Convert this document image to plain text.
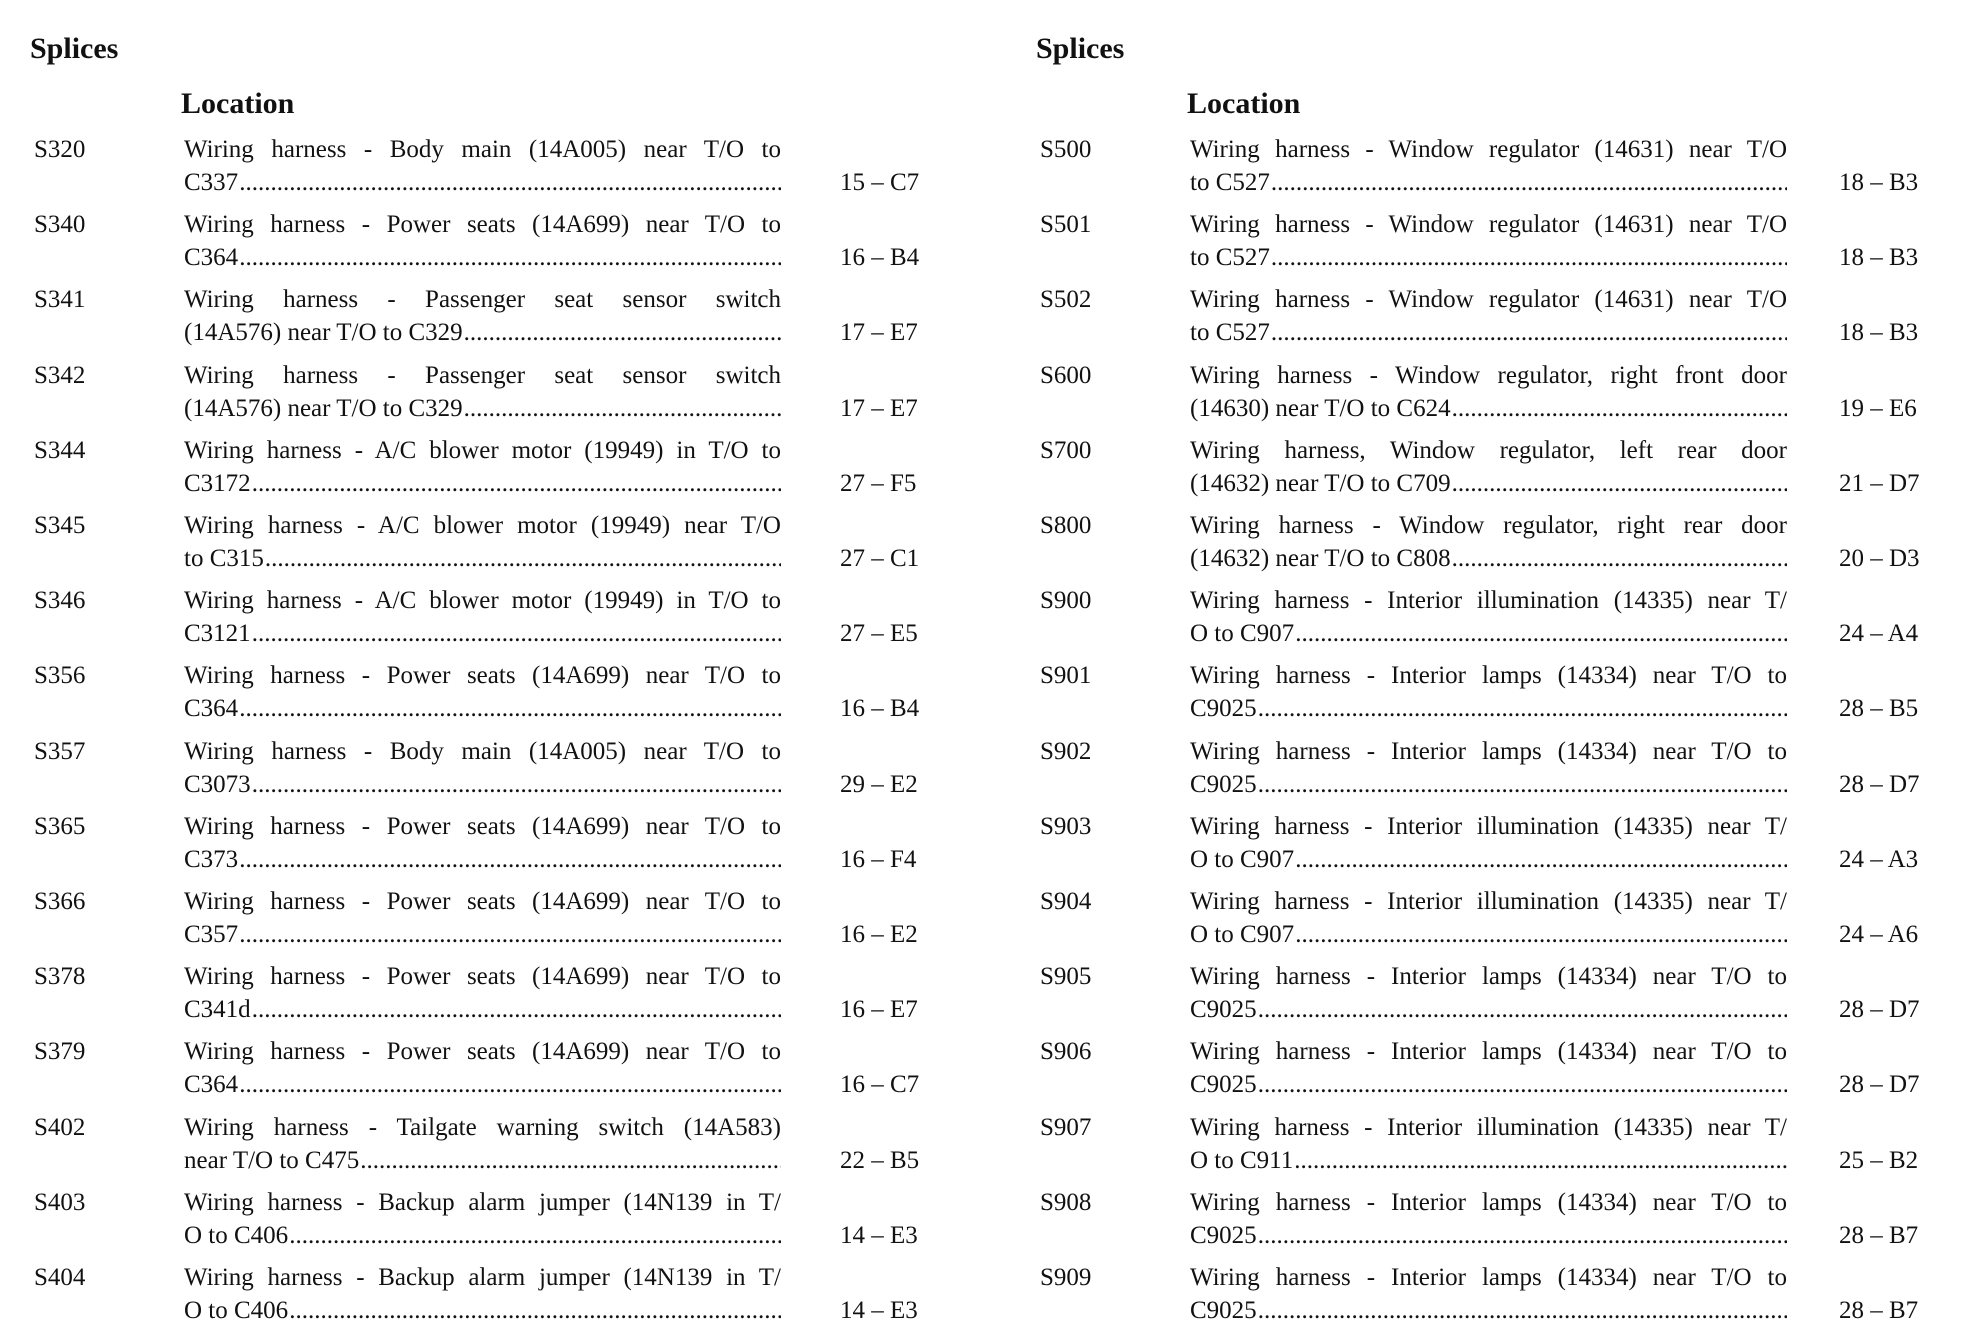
Splices
Location
S320	Wiring harness - Body main (14A005) near T/O to
C337 .....	15 – C7
S340	Wiring harness - Power seats (14A699) near T/O to
C364 .....	16 – B4
S341	Wiring harness - Passenger seat sensor switch
(14A576) near T/O to C329 .....	17 – E7
S342	Wiring harness - Passenger seat sensor switch
(14A576) near T/O to C329 .....	17 – E7
S344	Wiring harness - A/C blower motor (19949) in T/O to
C3172 .....	27 – F5
S345	Wiring harness - A/C blower motor (19949) near T/O
to C315 .....	27 – C1
S346	Wiring harness - A/C blower motor (19949) in T/O to
C3121 .....	27 – E5
S356	Wiring harness - Power seats (14A699) near T/O to
C364 .....	16 – B4
S357	Wiring harness - Body main (14A005) near T/O to
C3073 .....	29 – E2
S365	Wiring harness - Power seats (14A699) near T/O to
C373 .....	16 – F4
S366	Wiring harness - Power seats (14A699) near T/O to
C357 .....	16 – E2
S378	Wiring harness - Power seats (14A699) near T/O to
C341d .....	16 – E7
S379	Wiring harness - Power seats (14A699) near T/O to
C364 .....	16 – C7
S402	Wiring harness - Tailgate warning switch (14A583)
near T/O to C475 .....	22 – B5
S403	Wiring harness - Backup alarm jumper (14N139 in T/
O to C406 .....	14 – E3
S404	Wiring harness - Backup alarm jumper (14N139 in T/
O to C406 .....	14 – E3
Splices
Location
S500	Wiring harness - Window regulator (14631) near T/O
to C527 .....	18 – B3
S501	Wiring harness - Window regulator (14631) near T/O
to C527 .....	18 – B3
S502	Wiring harness - Window regulator (14631) near T/O
to C527 .....	18 – B3
S600	Wiring harness - Window regulator, right front door
(14630) near T/O to C624 .....	19 – E6
S700	Wiring harness, Window regulator, left rear door
(14632) near T/O to C709 .....	21 – D7
S800	Wiring harness - Window regulator, right rear door
(14632) near T/O to C808 .....	20 – D3
S900	Wiring harness - Interior illumination (14335) near T/
O to C907 .....	24 – A4
S901	Wiring harness - Interior lamps (14334) near T/O to
C9025 .....	28 – B5
S902	Wiring harness - Interior lamps (14334) near T/O to
C9025 .....	28 – D7
S903	Wiring harness - Interior illumination (14335) near T/
O to C907 .....	24 – A3
S904	Wiring harness - Interior illumination (14335) near T/
O to C907 .....	24 – A6
S905	Wiring harness - Interior lamps (14334) near T/O to
C9025 .....	28 – D7
S906	Wiring harness - Interior lamps (14334) near T/O to
C9025 .....	28 – D7
S907	Wiring harness - Interior illumination (14335) near T/
O to C911 .....	25 – B2
S908	Wiring harness - Interior lamps (14334) near T/O to
C9025 .....	28 – B7
S909	Wiring harness - Interior lamps (14334) near T/O to
C9025 .....	28 – B7
